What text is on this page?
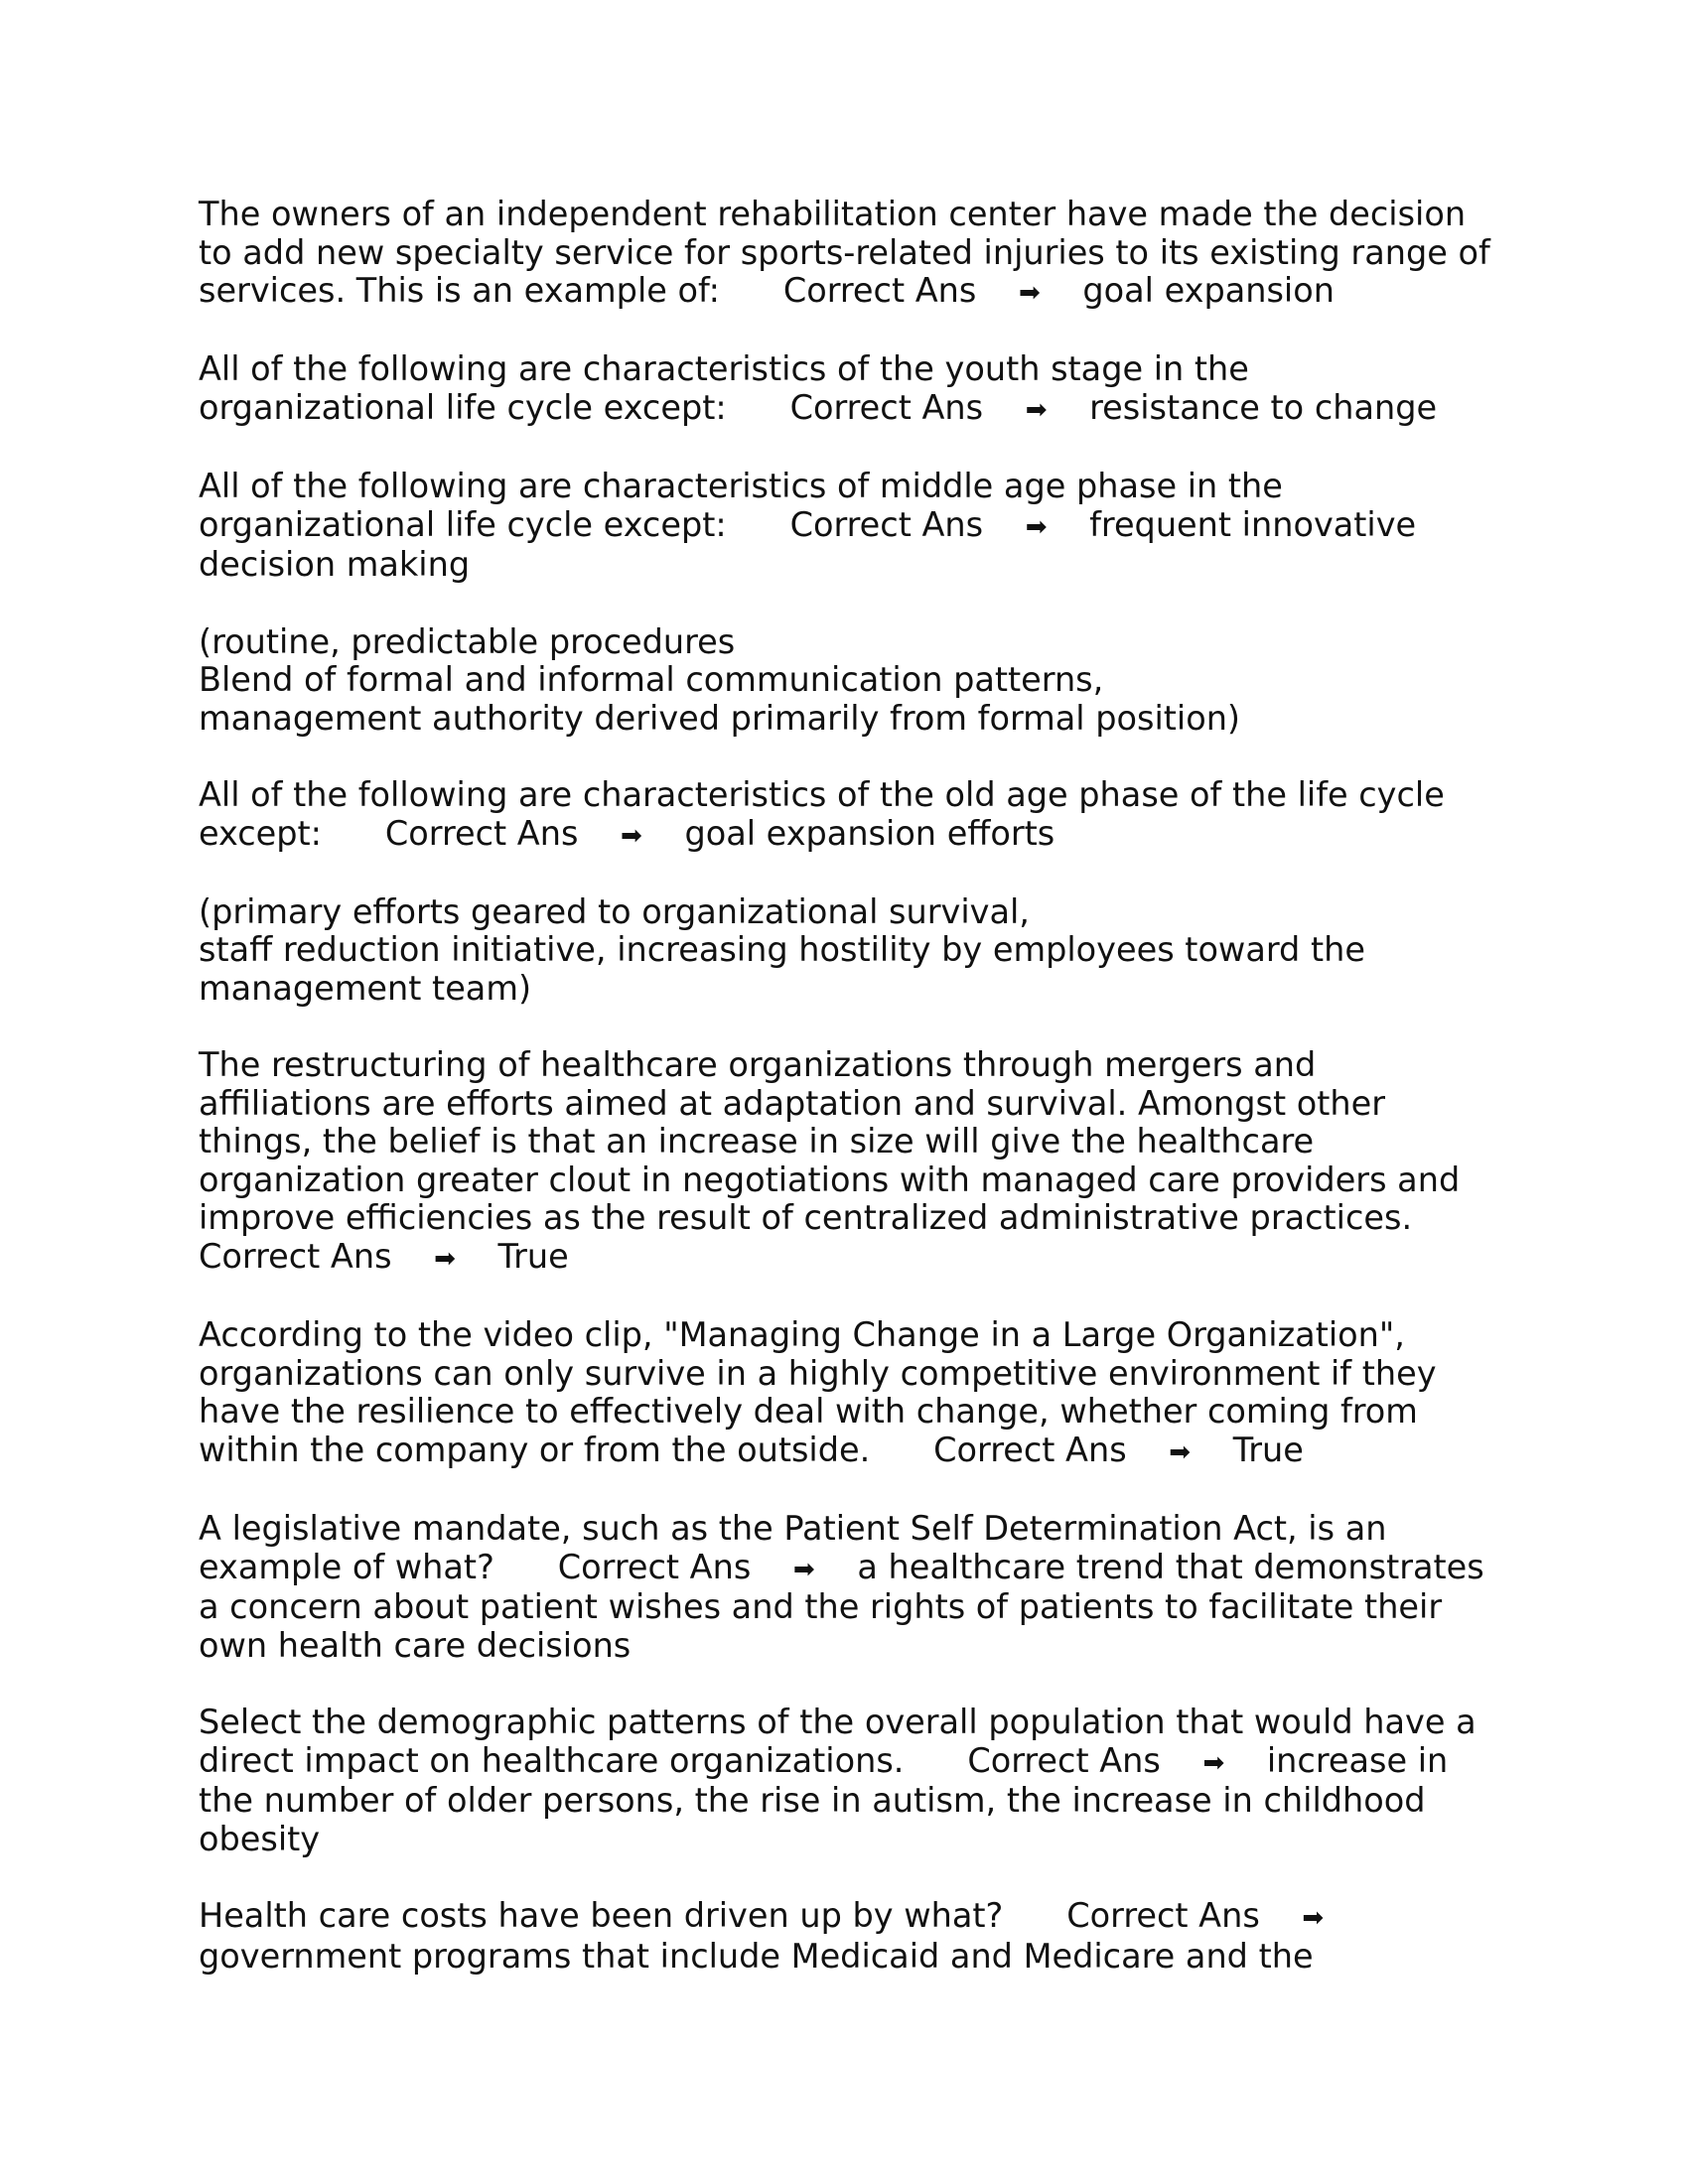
The owners of an independent rehabilitation center have made the decision
to add new specialty service for sports-related injuries to its existing range of
services. This is an example of: Correct Ans ➡ goal expansion
All of the following are characteristics of the youth stage in the
organizational life cycle except: Correct Ans ➡ resistance to change
All of the following are characteristics of middle age phase in the
organizational life cycle except: Correct Ans ➡ frequent innovative
decision making
(routine, predictable procedures
Blend of formal and informal communication patterns,
management authority derived primarily from formal position)
All of the following are characteristics of the old age phase of the life cycle
except: Correct Ans ➡ goal expansion efforts
(primary efforts geared to organizational survival,
staff reduction initiative, increasing hostility by employees toward the
management team)
The restructuring of healthcare organizations through mergers and
affiliations are efforts aimed at adaptation and survival. Amongst other
things, the belief is that an increase in size will give the healthcare
organization greater clout in negotiations with managed care providers and
improve efficiencies as the result of centralized administrative practices.
Correct Ans ➡ True
According to the video clip, "Managing Change in a Large Organization",
organizations can only survive in a highly competitive environment if they
have the resilience to effectively deal with change, whether coming from
within the company or from the outside. Correct Ans ➡ True
A legislative mandate, such as the Patient Self Determination Act, is an
example of what? Correct Ans ➡ a healthcare trend that demonstrates
a concern about patient wishes and the rights of patients to facilitate their
own health care decisions
Select the demographic patterns of the overall population that would have a
direct impact on healthcare organizations. Correct Ans ➡ increase in
the number of older persons, the rise in autism, the increase in childhood
obesity
Health care costs have been driven up by what? Correct Ans ➡
government programs that include Medicaid and Medicare and the
